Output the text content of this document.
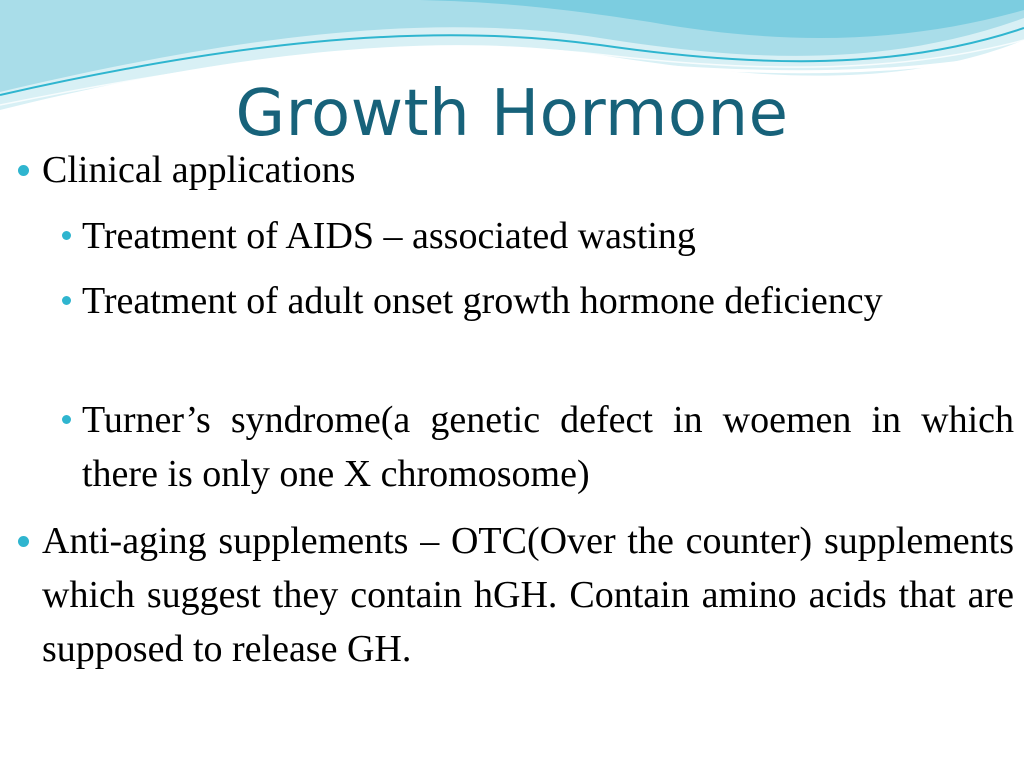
Growth Hormone
Clinical applications
Treatment of AIDS – associated wasting
Treatment of adult onset growth hormone deficiency
Turner’s syndrome(a genetic defect in woemen in which there is only one X chromosome)
Anti-aging supplements – OTC(Over the counter) supplements which suggest they contain hGH. Contain amino acids that are supposed to release GH.
